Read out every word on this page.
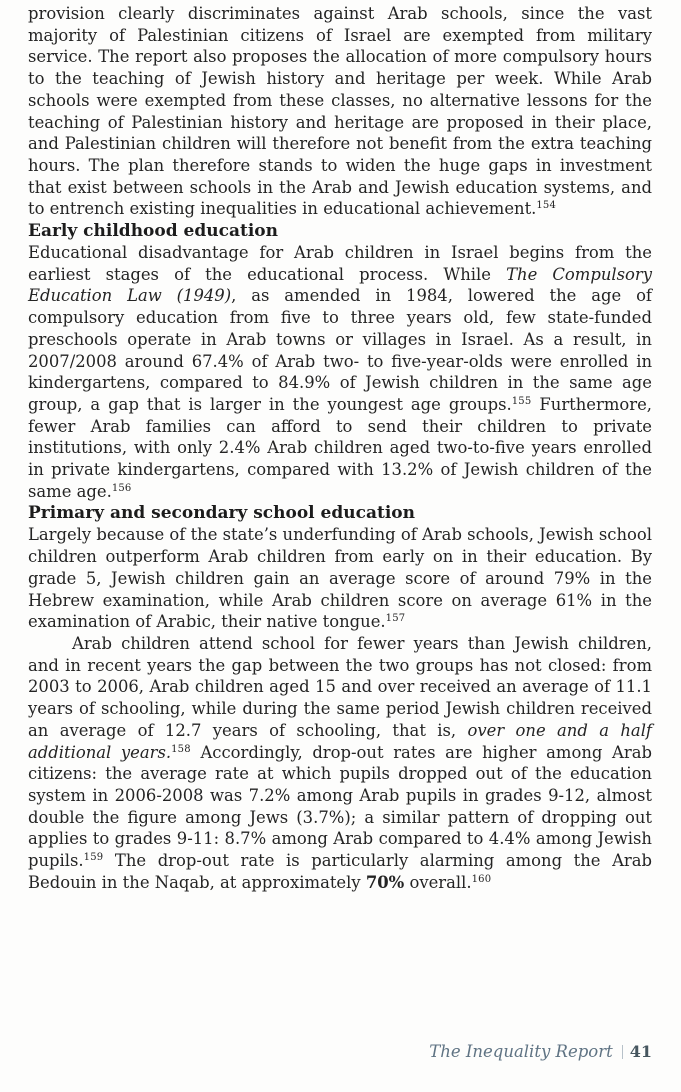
provision clearly discriminates against Arab schools, since the vast majority of Palestinian citizens of Israel are exempted from military service. The report also proposes the allocation of more compulsory hours to the teaching of Jewish history and heritage per week. While Arab schools were exempted from these classes, no alternative lessons for the teaching of Palestinian history and heritage are proposed in their place, and Palestinian children will therefore not benefit from the extra teaching hours. The plan therefore stands to widen the huge gaps in investment that exist between schools in the Arab and Jewish education systems, and to entrench existing inequalities in educational achievement.$^{154}$

Early childhood education

Educational disadvantage for Arab children in Israel begins from the earliest stages of the educational process. While The Compulsory Education Law (1949), as amended in 1984, lowered the age of compulsory education from five to three years old, few state-funded preschools operate in Arab towns or villages in Israel. As a result, in 2007/2008 around 67.4% of Arab two- to five-year-olds were enrolled in kindergartens, compared to 84.9% of Jewish children in the same age group, a gap that is larger in the youngest age groups.$^{155}$ Furthermore, fewer Arab families can afford to send their children to private institutions, with only 2.4% Arab children aged two-to-five years enrolled in private kindergartens, compared with 13.2% of Jewish children of the same age.$^{156}$

Primary and secondary school education

Largely because of the state’s underfunding of Arab schools, Jewish school children outperform Arab children from early on in their education. By grade 5, Jewish children gain an average score of around 79% in the Hebrew examination, while Arab children score on average 61% in the examination of Arabic, their native tongue.$^{157}$

Arab children attend school for fewer years than Jewish children, and in recent years the gap between the two groups has not closed: from 2003 to 2006, Arab children aged 15 and over received an average of 11.1 years of schooling, while during the same period Jewish children received an average of 12.7 years of schooling, that is, over one and a half additional years.$^{158}$ Accordingly, drop-out rates are higher among Arab citizens: the average rate at which pupils dropped out of the education system in 2006-2008 was 7.2% among Arab pupils in grades 9-12, almost double the figure among Jews (3.7%); a similar pattern of dropping out applies to grades 9-11: 8.7% among Arab compared to 4.4% among Jewish pupils.$^{159}$ The drop-out rate is particularly alarming among the Arab Bedouin in the Naqab, at approximately 70% overall.$^{160}$

The Inequality Report 41
